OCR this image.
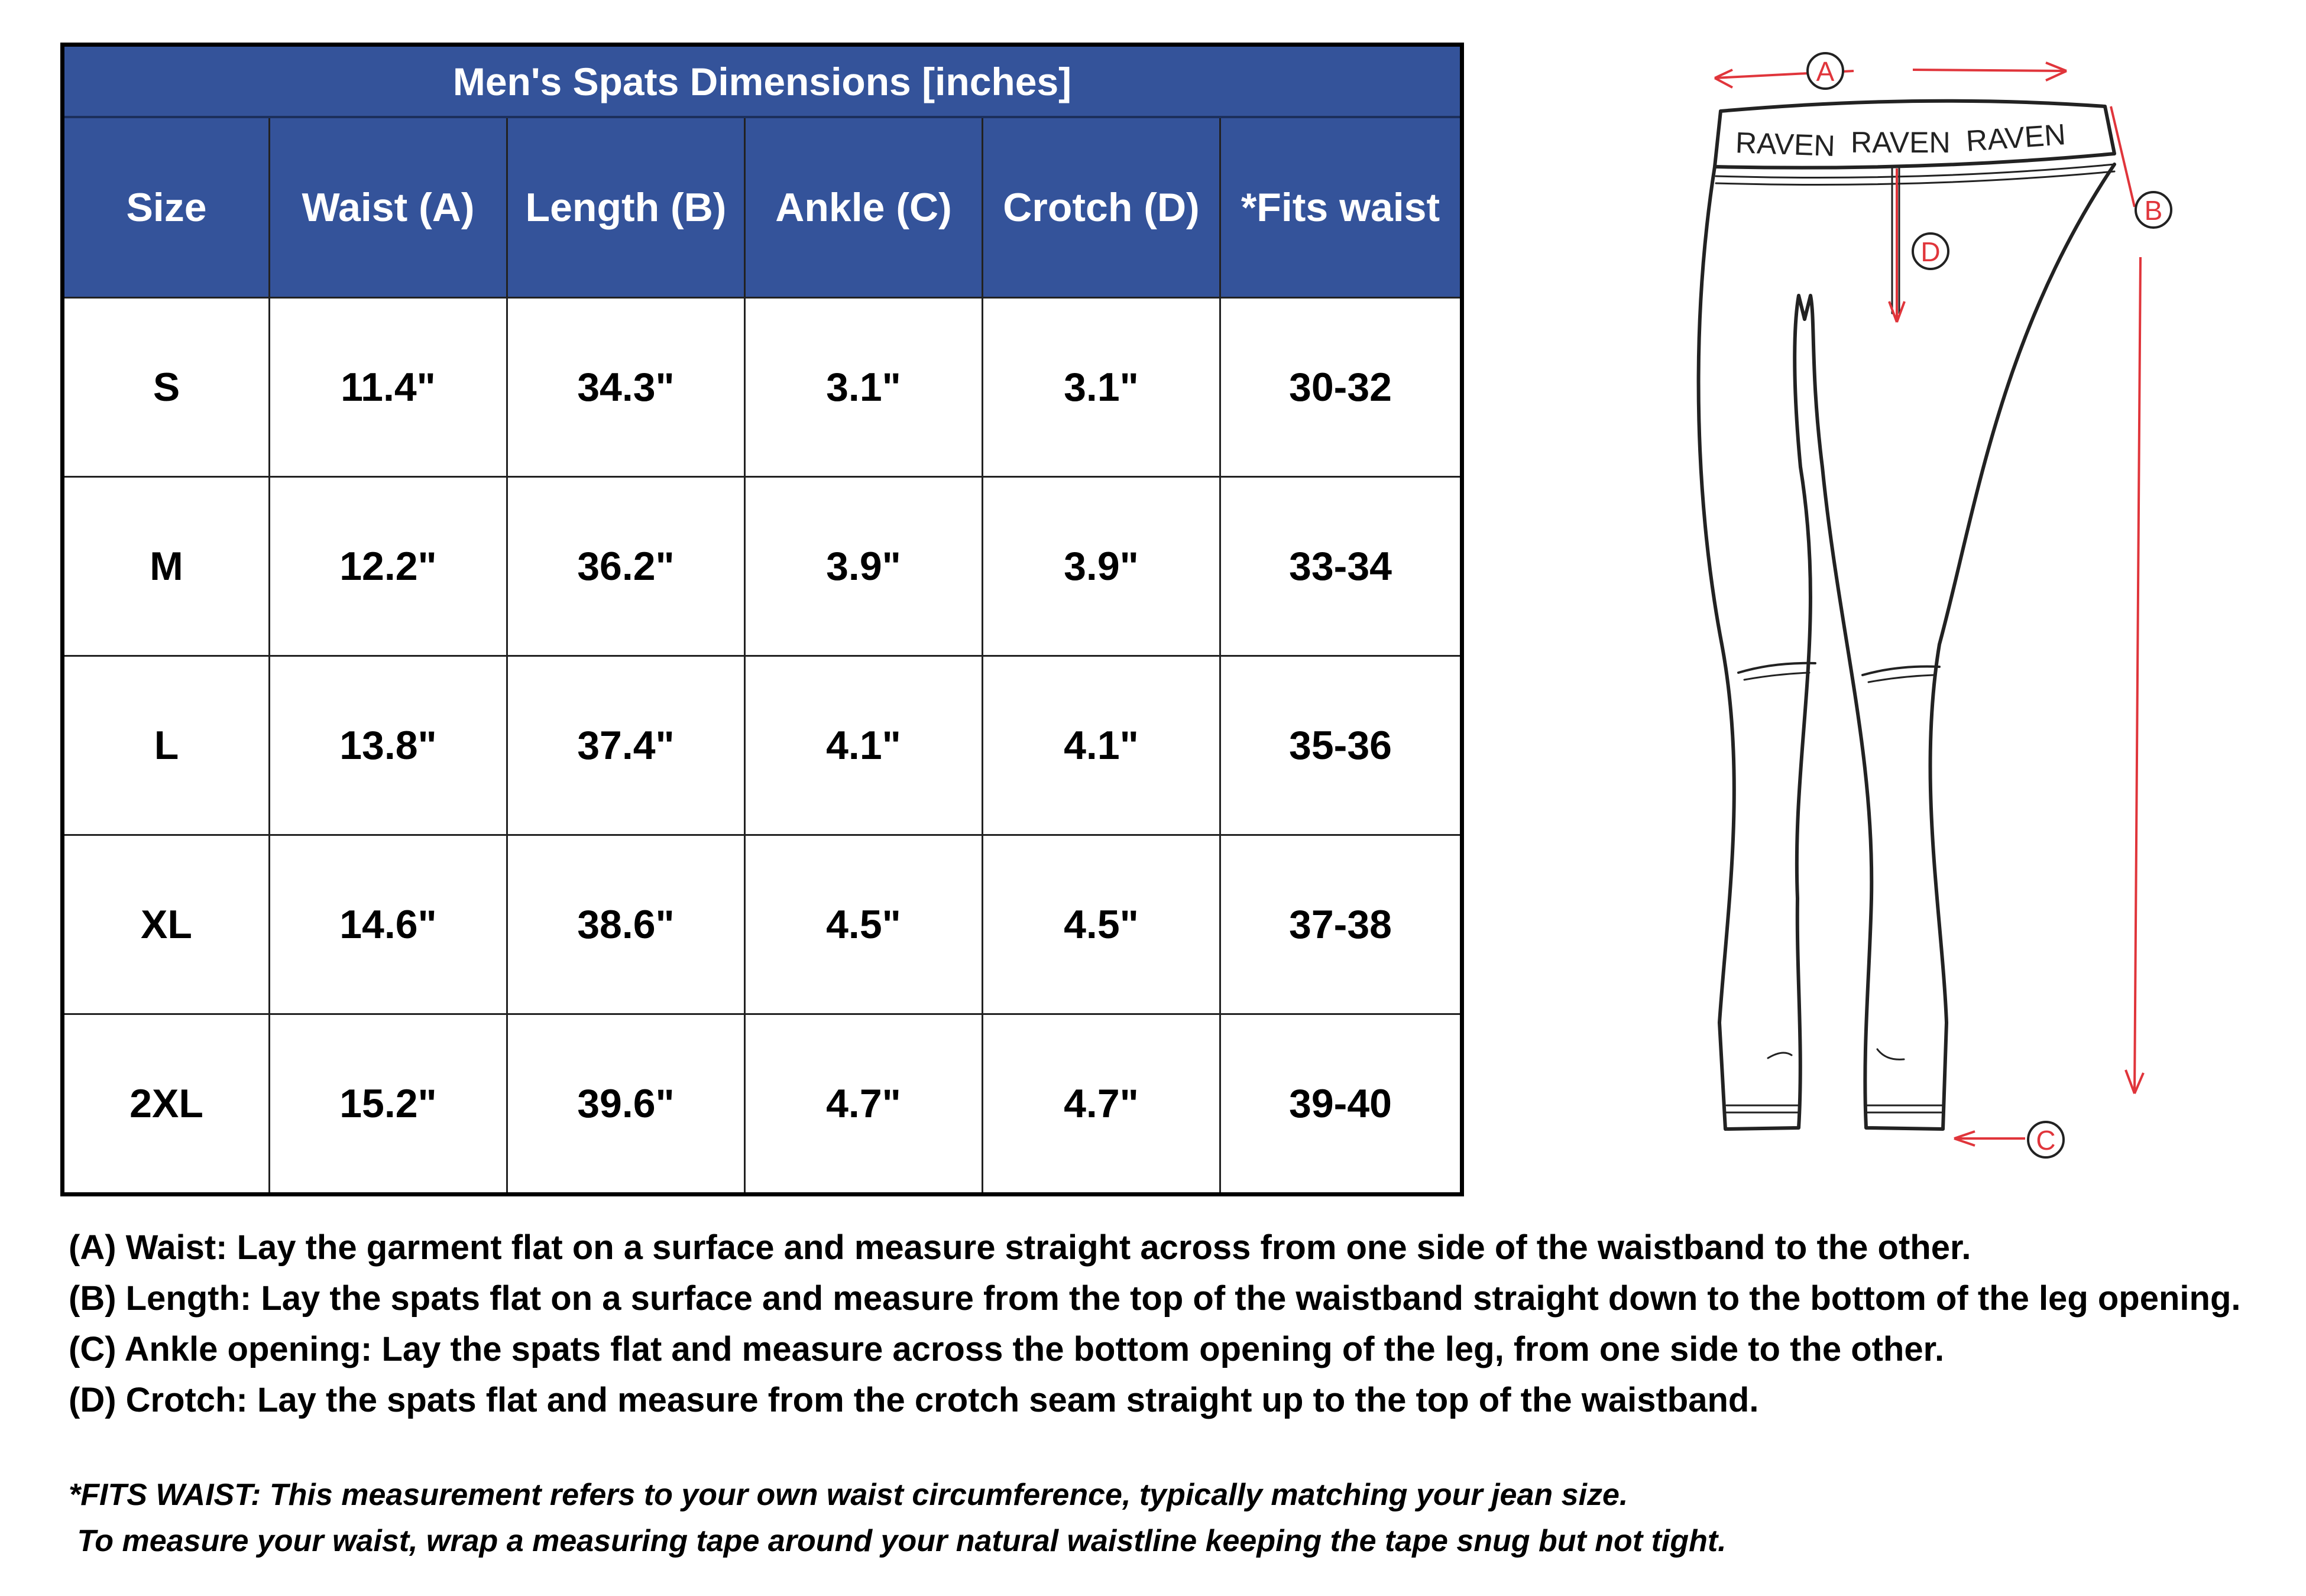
Men's Spats Dimensions [inches]					
Size	Waist (A)	Length (B)	Ankle (C)	Crotch (D)	*Fits waist
S	11.4"	34.3"	3.1"	3.1"	30-32
M	12.2"	36.2"	3.9"	3.9"	33-34
L	13.8"	37.4"	4.1"	4.1"	35-36
XL	14.6"	38.6"	4.5"	4.5"	37-38
2XL	15.2"	39.6"	4.7"	4.7"	39-40
RAVEN RAVEN RAVEN
A
B
C
D
(A) Waist: Lay the garment flat on a surface and measure straight across from one side of the waistband to the other.
(B) Length: Lay the spats flat on a surface and measure from the top of the waistband straight down to the bottom of the leg opening.
(C) Ankle opening: Lay the spats flat and measure across the bottom opening of the leg, from one side to the other.
(D) Crotch: Lay the spats flat and measure from the crotch seam straight up to the top of the waistband.
*FITS WAIST: This measurement refers to your own waist circumference, typically matching your jean size.
To measure your waist, wrap a measuring tape around your natural waistline keeping the tape snug but not tight.
